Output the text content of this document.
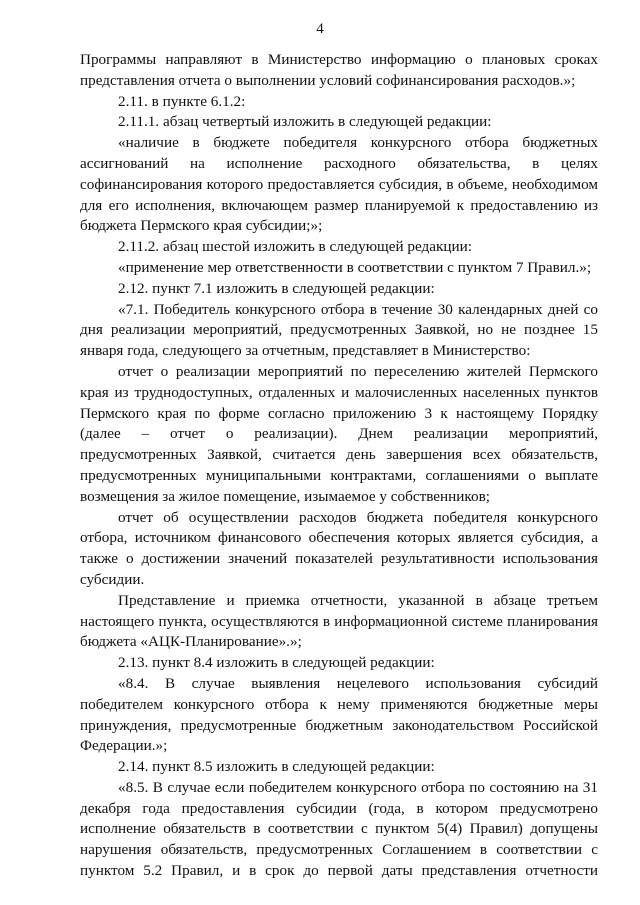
4

Программы направляют в Министерство информацию о плановых сроках представления отчета о выполнении условий софинансирования расходов.»;

2.11. в пункте 6.1.2:

2.11.1. абзац четвертый изложить в следующей редакции:

«наличие в бюджете победителя конкурсного отбора бюджетных ассигнований на исполнение расходного обязательства, в целях софинансирования которого предоставляется субсидия, в объеме, необходимом для его исполнения, включающем размер планируемой к предоставлению из бюджета Пермского края субсидии;»;

2.11.2. абзац шестой изложить в следующей редакции:

«применение мер ответственности в соответствии с пунктом 7 Правил.»;

2.12. пункт 7.1 изложить в следующей редакции:

«7.1. Победитель конкурсного отбора в течение 30 календарных дней со дня реализации мероприятий, предусмотренных Заявкой, но не позднее 15 января года, следующего за отчетным, представляет в Министерство:

отчет о реализации мероприятий по переселению жителей Пермского края из труднодоступных, отдаленных и малочисленных населенных пунктов Пермского края по форме согласно приложению 3 к настоящему Порядку (далее – отчет о реализации). Днем реализации мероприятий, предусмотренных Заявкой, считается день завершения всех обязательств, предусмотренных муниципальными контрактами, соглашениями о выплате возмещения за жилое помещение, изымаемое у собственников;

отчет об осуществлении расходов бюджета победителя конкурсного отбора, источником финансового обеспечения которых является субсидия, а также о достижении значений показателей результативности использования субсидии.

Представление и приемка отчетности, указанной в абзаце третьем настоящего пункта, осуществляются в информационной системе планирования бюджета «АЦК-Планирование».»;

2.13. пункт 8.4 изложить в следующей редакции:

«8.4. В случае выявления нецелевого использования субсидий победителем конкурсного отбора к нему применяются бюджетные меры принуждения, предусмотренные бюджетным законодательством Российской Федерации.»;

2.14. пункт 8.5 изложить в следующей редакции:

«8.5. В случае если победителем конкурсного отбора по состоянию на 31 декабря года предоставления субсидии (года, в котором предусмотрено исполнение обязательств в соответствии с пунктом 5(4) Правил) допущены нарушения обязательств, предусмотренных Соглашением в соответствии с пунктом 5.2 Правил, и в срок до первой даты представления отчетности
